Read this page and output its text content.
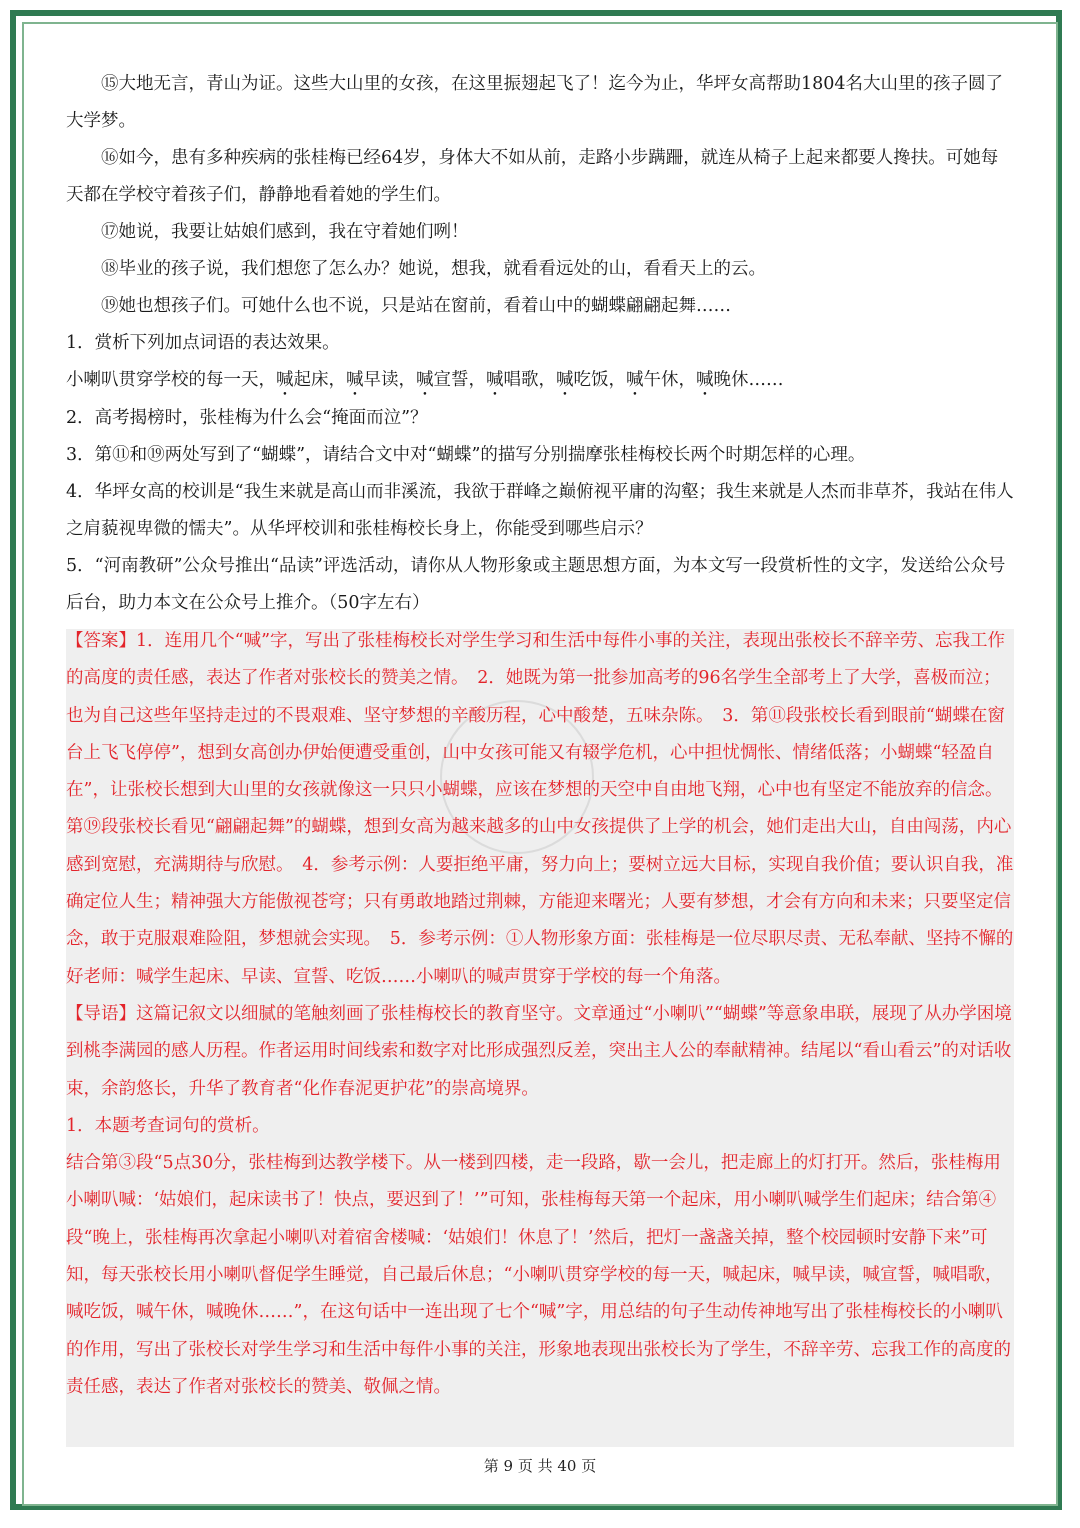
⑮大地无言，青山为证。这些大山里的女孩，在这里振翅起飞了！迄今为止，华坪女高帮助1804名大山里的孩子圆了大学梦。

⑯如今，患有多种疾病的张桂梅已经64岁，身体大不如从前，走路小步蹒跚，就连从椅子上起来都要人搀扶。可她每天都在学校守着孩子们，静静地看着她的学生们。

⑰她说，我要让姑娘们感到，我在守着她们咧！

⑱毕业的孩子说，我们想您了怎么办？她说，想我，就看看远处的山，看看天上的云。

⑲她也想孩子们。可她什么也不说，只是站在窗前，看着山中的蝴蝶翩翩起舞……

1．赏析下列加点词语的表达效果。

小喇叭贯穿学校的每一天，喊起床，喊早读，喊宣誓，喊唱歌，喊吃饭，喊午休，喊晚休……

2．高考揭榜时，张桂梅为什么会“掩面而泣”？

3．第⑪和⑲两处写到了“蝴蝶”，请结合文中对“蝴蝶”的描写分别揣摩张桂梅校长两个时期怎样的心理。

4．华坪女高的校训是“我生来就是高山而非溪流，我欲于群峰之巅俯视平庸的沟壑；我生来就是人杰而非草芥，我站在伟人之肩藐视卑微的懦夫”。从华坪校训和张桂梅校长身上，你能受到哪些启示？

5．“河南教研”公众号推出“品读”评选活动，请你从人物形象或主题思想方面，为本文写一段赏析性的文字，发送给公众号后台，助力本文在公众号上推介。（50字左右）

【答案】1．连用几个“喊”字，写出了张桂梅校长对学生学习和生活中每件小事的关注，表现出张校长不辞辛劳、忘我工作的高度的责任感，表达了作者对张校长的赞美之情。　2．她既为第一批参加高考的96名学生全部考上了大学，喜极而泣；也为自己这些年坚持走过的不畏艰难、坚守梦想的辛酸历程，心中酸楚，五味杂陈。　3．第⑪段张校长看到眼前“蝴蝶在窗台上飞飞停停”，想到女高创办伊始便遭受重创，山中女孩可能又有辍学危机，心中担忧惆怅、情绪低落；小蝴蝶“轻盈自在”，让张校长想到大山里的女孩就像这一只只小蝴蝶，应该在梦想的天空中自由地飞翔，心中也有坚定不能放弃的信念。第⑲段张校长看见“翩翩起舞”的蝴蝶，想到女高为越来越多的山中女孩提供了上学的机会，她们走出大山，自由闯荡，内心感到宽慰，充满期待与欣慰。　4．参考示例：人要拒绝平庸，努力向上；要树立远大目标，实现自我价值；要认识自我，准确定位人生；精神强大方能傲视苍穹；只有勇敢地踏过荆棘，方能迎来曙光；人要有梦想，才会有方向和未来；只要坚定信念，敢于克服艰难险阻，梦想就会实现。　5．参考示例：①人物形象方面：张桂梅是一位尽职尽责、无私奉献、坚持不懈的好老师：喊学生起床、早读、宣誓、吃饭……小喇叭的喊声贯穿于学校的每一个角落。

【导语】这篇记叙文以细腻的笔触刻画了张桂梅校长的教育坚守。文章通过“小喇叭”“蝴蝶”等意象串联，展现了从办学困境到桃李满园的感人历程。作者运用时间线索和数字对比形成强烈反差，突出主人公的奉献精神。结尾以“看山看云”的对话收束，余韵悠长，升华了教育者“化作春泥更护花”的崇高境界。

1．本题考查词句的赏析。

结合第③段“5点30分，张桂梅到达教学楼下。从一楼到四楼，走一段路，歇一会儿，把走廊上的灯打开。然后，张桂梅用小喇叭喊：‘姑娘们，起床读书了！快点，要迟到了！’”可知，张桂梅每天第一个起床，用小喇叭喊学生们起床；结合第④段“晚上，张桂梅再次拿起小喇叭对着宿舍楼喊：‘姑娘们！休息了！’然后，把灯一盏盏关掉，整个校园顿时安静下来”可知，每天张校长用小喇叭督促学生睡觉，自己最后休息；“小喇叭贯穿学校的每一天，喊起床，喊早读，喊宣誓，喊唱歌，喊吃饭，喊午休，喊晚休……”，在这句话中一连出现了七个“喊”字，用总结的句子生动传神地写出了张桂梅校长的小喇叭的作用，写出了张校长对学生学习和生活中每件小事的关注，形象地表现出张校长为了学生，不辞辛劳、忘我工作的高度的责任感，表达了作者对张校长的赞美、敬佩之情。

第 9 页 共 40 页
